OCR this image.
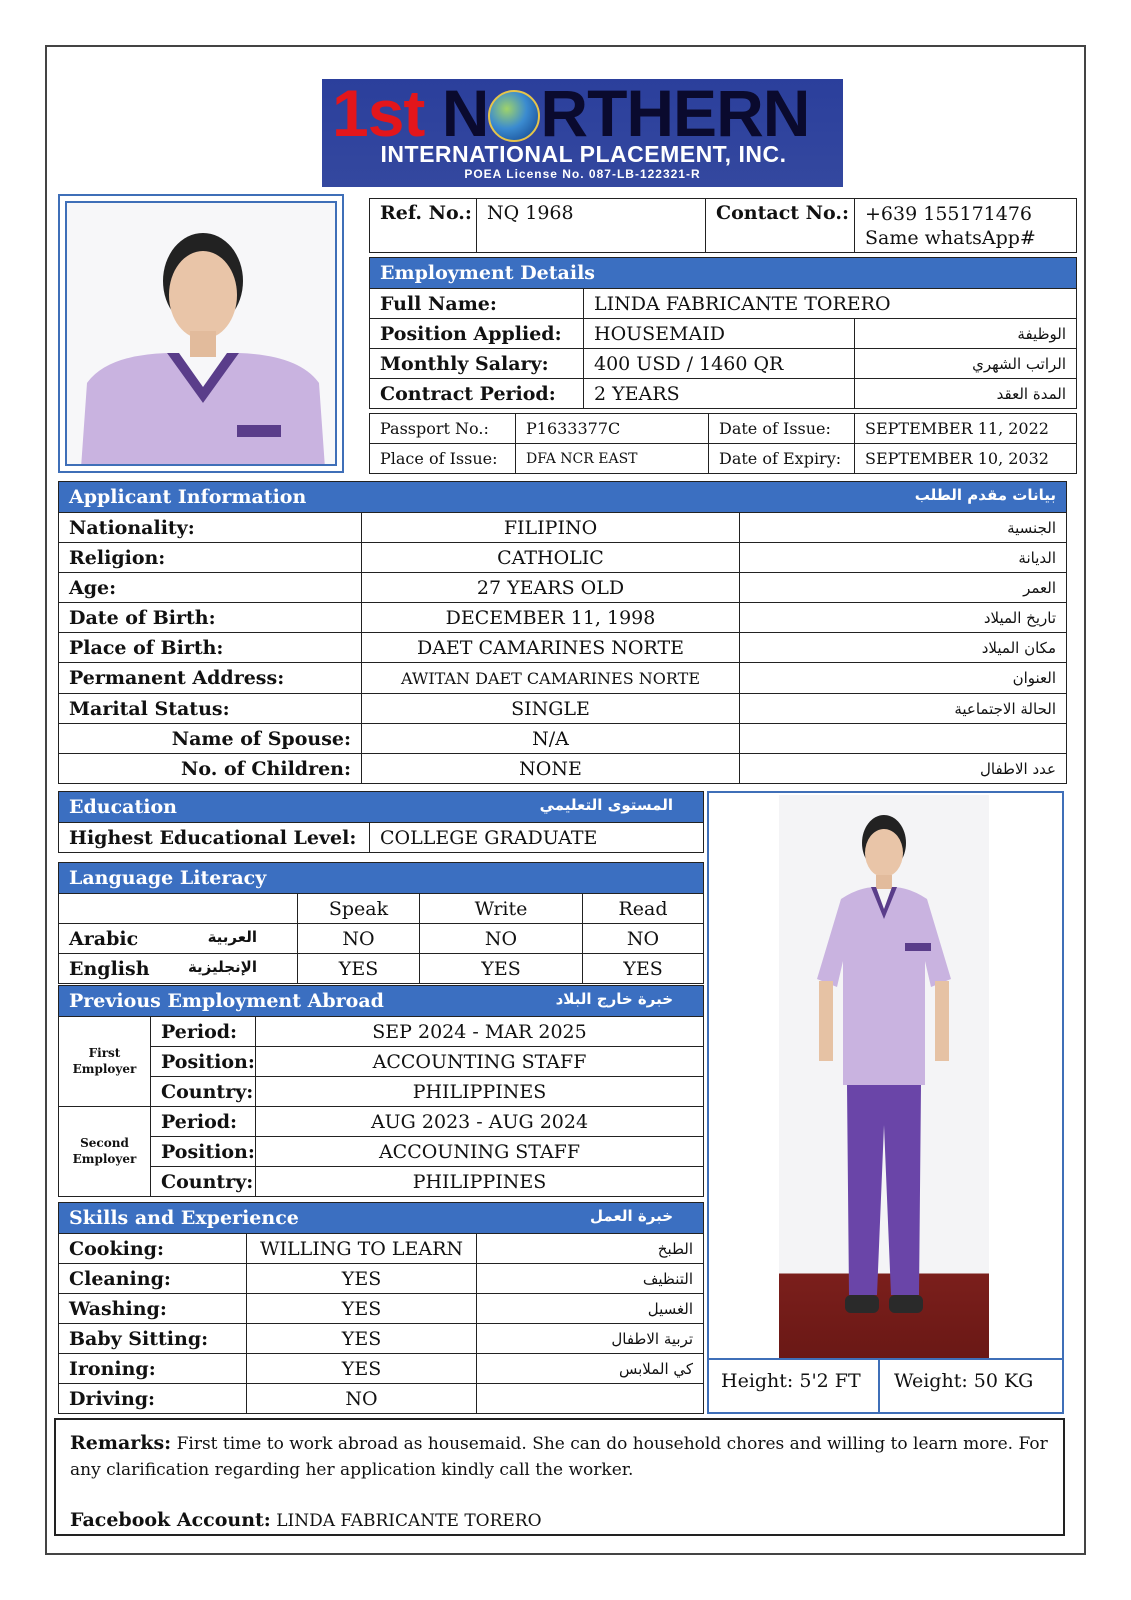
1st N RTHERN
INTERNATIONAL PLACEMENT, INC.
POEA License No. 087-LB-122321-R
Ref. No.:	NQ 1968	Contact No.:	+639 155171476
Same whatsApp#
Employment Details		
Full Name:	LINDA FABRICANTE TORERO	
Position Applied:	HOUSEMAID	الوظيفة
Monthly Salary:	400 USD / 1460 QR	الراتب الشهري
Contract Period:	2 YEARS	المدة العقد
Passport No.:	P1633377C	Date of Issue:	SEPTEMBER 11, 2022
Place of Issue:	DFA NCR EAST	Date of Expiry:	SEPTEMBER 10, 2032
Applicant Information بيانات مقدم الطلب		

Nationality:	FILIPINO	الجنسية
Religion:	CATHOLIC	الديانة
Age:	27 YEARS OLD	العمر
Date of Birth:	DECEMBER 11, 1998	تاريخ الميلاد
Place of Birth:	DAET CAMARINES NORTE	مكان الميلاد
Permanent Address:	AWITAN DAET CAMARINES NORTE	العنوان
Marital Status:	SINGLE	الحالة الاجتماعية
Name of Spouse:	N/A	
No. of Children:	NONE	عدد الاطفال
Education	المستوى التعليمي

Highest Educational Level:	COLLEGE GRADUATE
Language Literacy			
	Speak	Write	Read
Arabic العربية	NO	NO	NO
English الإنجليزية	YES	YES	YES
Previous Employment Abroad خبرة خارج البلاد		

First Employer	Period:	SEP 2024 - MAR 2025
	Position:	ACCOUNTING STAFF
	Country:	PHILIPPINES
Second Employer	Period:	AUG 2023 - AUG 2024
	Position:	ACCOUNING STAFF
	Country:	PHILIPPINES
Skills and Experience خبرة العمل		

Cooking:	WILLING TO LEARN	الطبخ
Cleaning:	YES	التنظيف
Washing:	YES	الغسيل
Baby Sitting:	YES	تربية الاطفال
Ironing:	YES	كي الملابس
Driving:	NO	
Height: 5'2 FT	Weight: 50 KG
Remarks: First time to work abroad as housemaid. She can do household chores and willing to learn more. For any clarification regarding her application kindly call the worker.
Facebook Account: LINDA FABRICANTE TORERO
